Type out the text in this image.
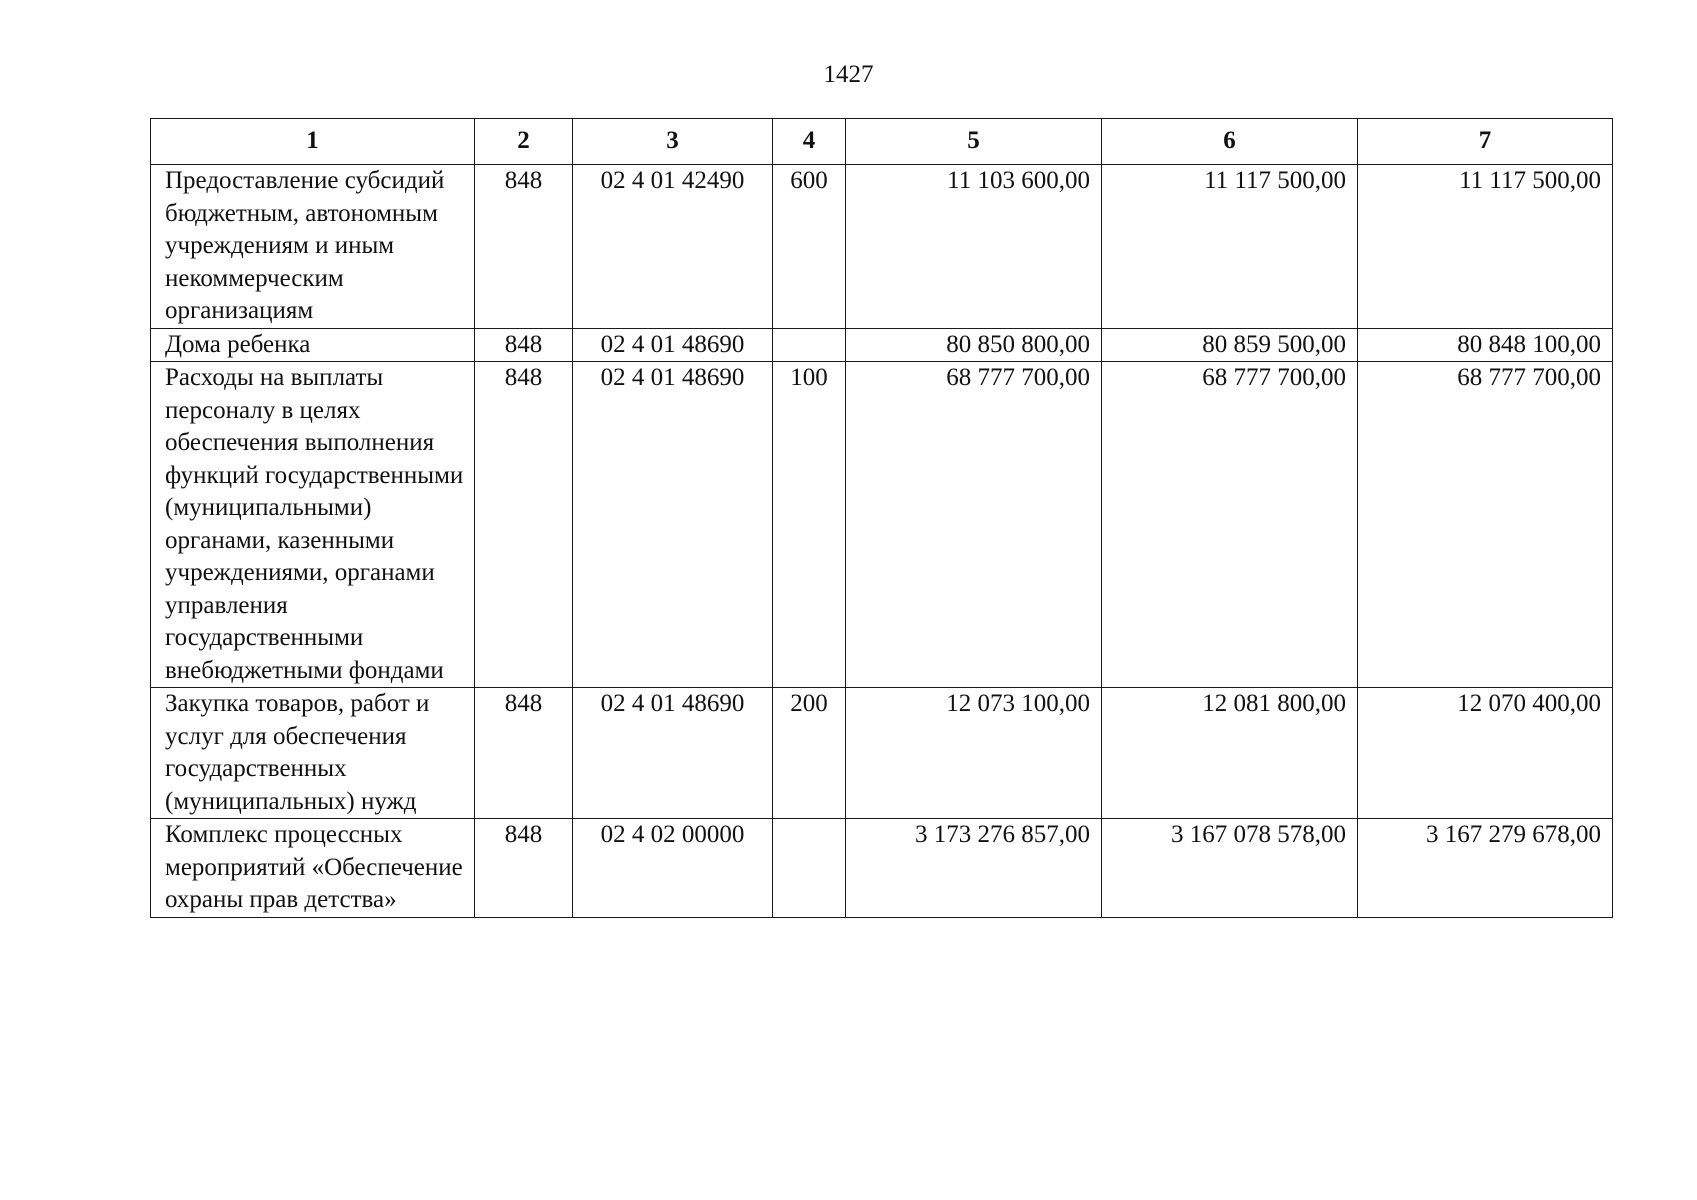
1427
1	2	3	4	5	6	7
Предоставление субсидий бюджетным, автономным учреждениям и иным некоммерческим организациям	848	02 4 01 42490	600	11 103 600,00	11 117 500,00	11 117 500,00
Дома ребенка	848	02 4 01 48690		80 850 800,00	80 859 500,00	80 848 100,00
Расходы на выплаты персоналу в целях обеспечения выполнения функций государственными (муниципальными) органами, казенными учреждениями, органами управления государственными внебюджетными фондами	848	02 4 01 48690	100	68 777 700,00	68 777 700,00	68 777 700,00
Закупка товаров, работ и услуг для обеспечения государственных (муниципальных) нужд	848	02 4 01 48690	200	12 073 100,00	12 081 800,00	12 070 400,00
Комплекс процессных мероприятий «Обеспечение охраны прав детства»	848	02 4 02 00000		3 173 276 857,00	3 167 078 578,00	3 167 279 678,00
